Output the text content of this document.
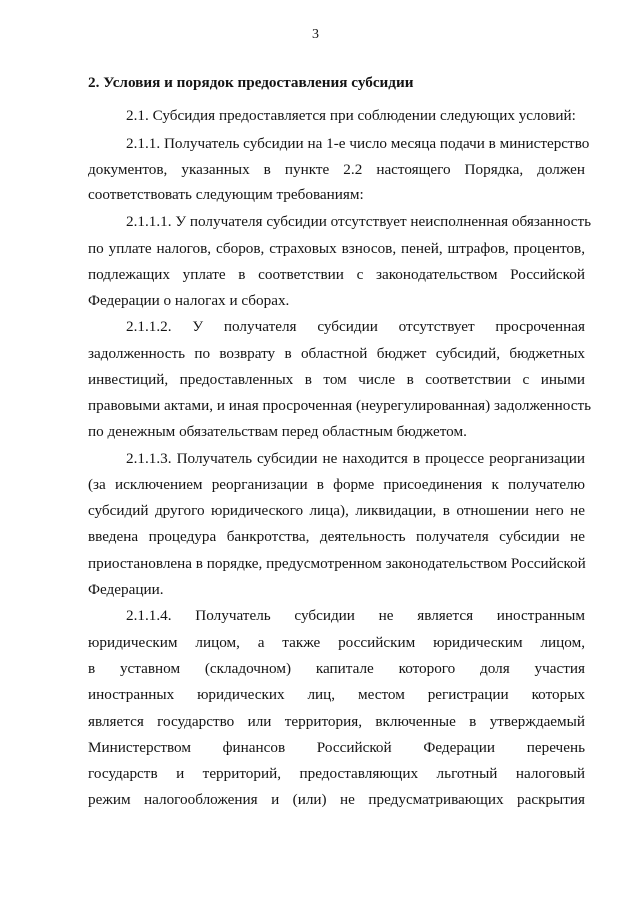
3
2. Условия и порядок предоставления субсидии
2.1. Субсидия предоставляется при соблюдении следующих условий:
2.1.1. Получатель субсидии на 1-е число месяца подачи в министерство
документов, указанных в пункте 2.2 настоящего Порядка, должен
соответствовать следующим требованиям:
2.1.1.1. У получателя субсидии отсутствует неисполненная обязанность
по уплате налогов, сборов, страховых взносов, пеней, штрафов, процентов,
подлежащих уплате в соответствии с законодательством Российской
Федерации о налогах и сборах.
2.1.1.2. У получателя субсидии отсутствует просроченная
задолженность по возврату в областной бюджет субсидий, бюджетных
инвестиций, предоставленных в том числе в соответствии с иными
правовыми актами, и иная просроченная (неурегулированная) задолженность
по денежным обязательствам перед областным бюджетом.
2.1.1.3. Получатель субсидии не находится в процессе реорганизации
(за исключением реорганизации в форме присоединения к получателю
субсидий другого юридического лица), ликвидации, в отношении него не
введена процедура банкротства, деятельность получателя субсидии не
приостановлена в порядке, предусмотренном законодательством Российской
Федерации.
2.1.1.4. Получатель субсидии не является иностранным
юридическим лицом, а также российским юридическим лицом,
в уставном (складочном) капитале которого доля участия
иностранных юридических лиц, местом регистрации которых
является государство или территория, включенные в утверждаемый
Министерством финансов Российской Федерации перечень
государств и территорий, предоставляющих льготный налоговый
режим налогообложения и (или) не предусматривающих раскрытия
